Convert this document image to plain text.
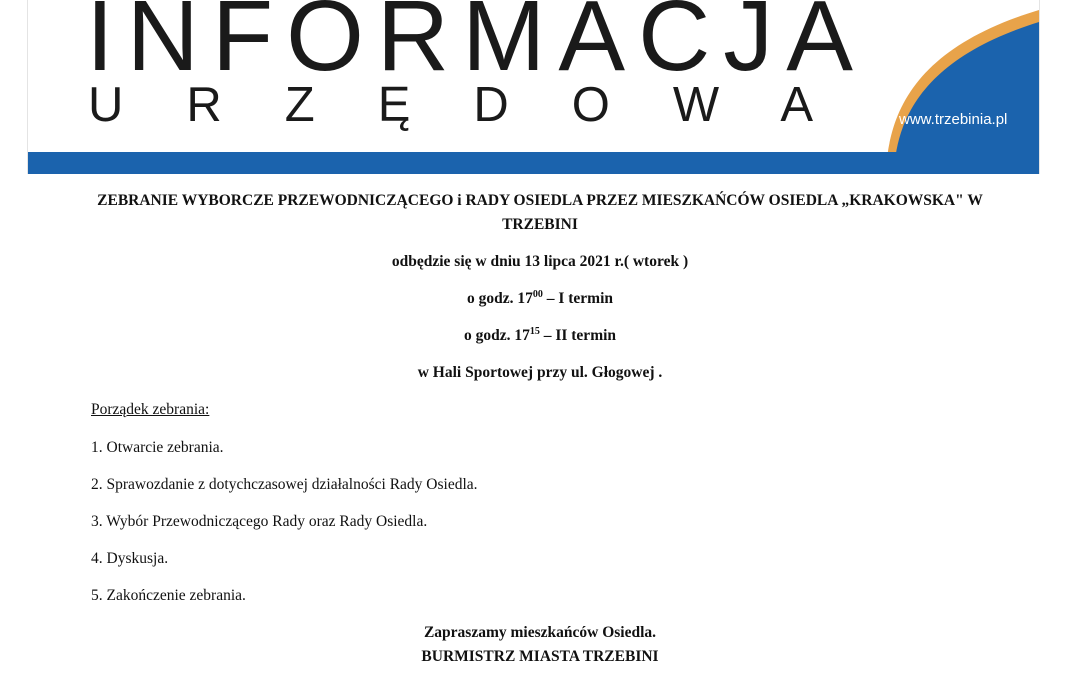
INFORMACJA
URZĘDOWA www.trzebinia.pl
ZEBRANIE WYBORCZE PRZEWODNICZĄCEGO i RADY OSIEDLA PRZEZ MIESZKAŃCÓW OSIEDLA „KRAKOWSKA" W TRZEBINI
odbędzie się w dniu 13 lipca 2021 r.( wtorek )
o godz. $17^{00}$ – I termin
o godz. $17^{15}$ – II termin
w Hali Sportowej przy ul. Głogowej .
Porządek zebrania:
1. Otwarcie zebrania.
2. Sprawozdanie z dotychczasowej działalności Rady Osiedla.
3. Wybór Przewodniczącego Rady oraz Rady Osiedla.
4. Dyskusja.
5. Zakończenie zebrania.
Zapraszamy mieszkańców Osiedla.
BURMISTRZ MIASTA TRZEBINI
